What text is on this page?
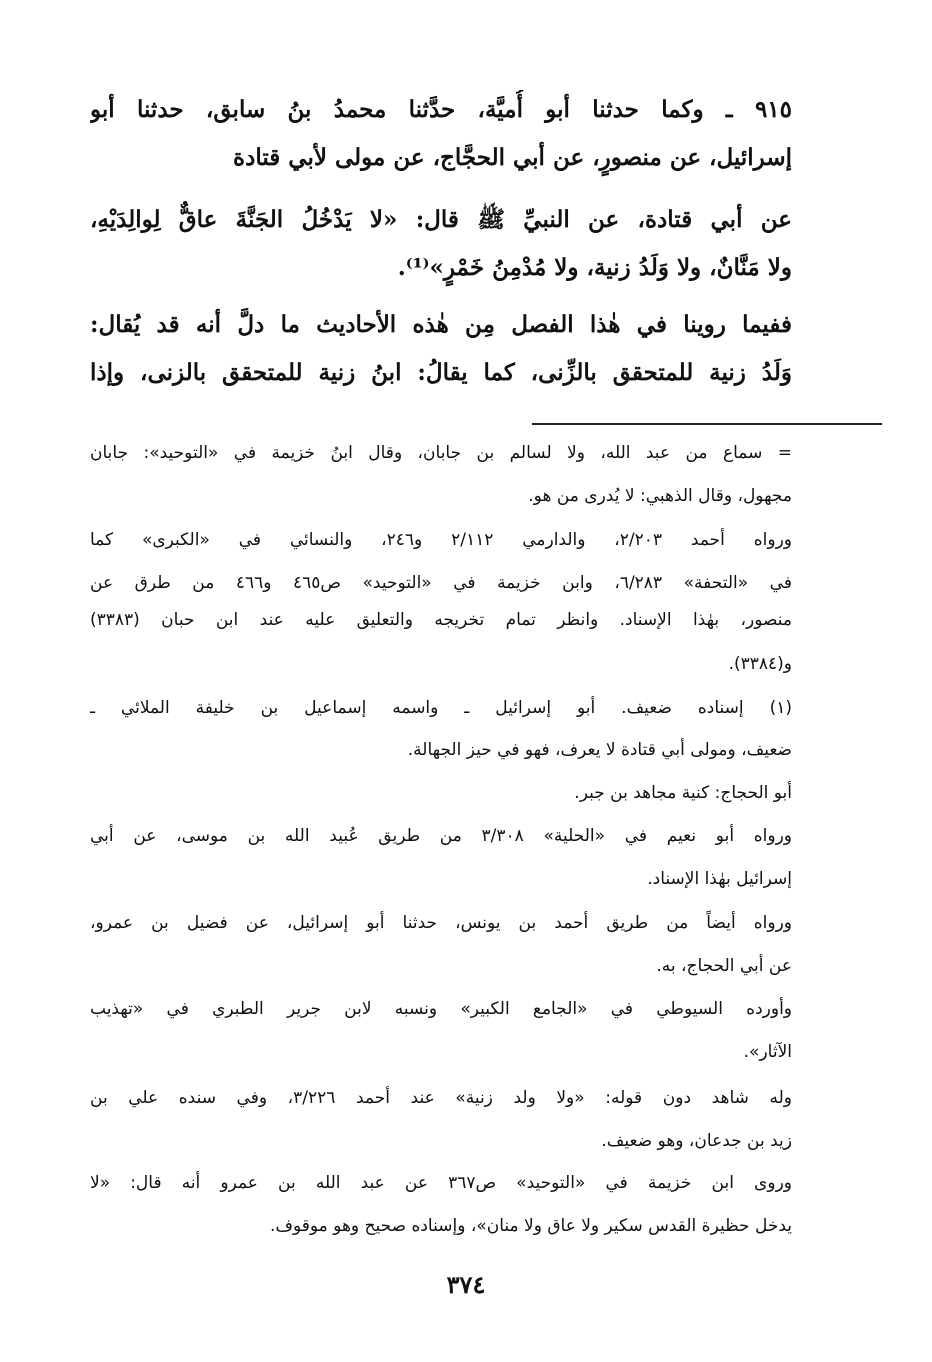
٩١٥ ـ وكما حدثنا أبو أُميَّة، حدَّثنا محمدُ بنُ سابق، حدثنا أبو
إسرائيل، عن منصورٍ، عن أبي الحجَّاج، عن مولى لأبي قتادة
عن أبي قتادة، عن النبيِّ ﷺ قال: «لا يَدْخُلُ الجَنَّةَ عاقٌّ لِوالِدَيْهِ،
ولا مَنَّانٌ، ولا وَلَدُ زنية، ولا مُدْمِنُ خَمْرٍ»⁽¹⁾.
ففيما روينا في هٰذا الفصل مِن هٰذه الأحاديث ما دلَّ أنه قد يُقال:
وَلَدُ زنية للمتحقق بالزِّنى، كما يقالُ: ابنُ زنية للمتحقق بالزنى، وإذا
= سماع من عبد الله، ولا لسالم بن جابان، وقال ابنُ خزيمة في «التوحيد»: جابان
مجهول، وقال الذهبي: لا يُدرى من هو.
ورواه أحمد ٢/٢٠٣، والدارمي ٢/١١٢ و٢٤٦، والنسائي في «الكبرى» كما
في «التحفة» ٦/٢٨٣، وابن خزيمة في «التوحيد» ص٤٦٥ و٤٦٦ من طرق عن
منصور، بهٰذا الإسناد. وانظر تمام تخريجه والتعليق عليه عند ابن حبان (٣٣٨٣)
و(٣٣٨٤).
(١) إسناده ضعيف. أبو إسرائيل ـ واسمه إسماعيل بن خليفة الملائي ـ
ضعيف، ومولى أبي قتادة لا يعرف، فهو في حيز الجهالة.
أبو الحجاج: كنية مجاهد بن جبر.
ورواه أبو نعيم في «الحلية» ٣/٣٠٨ من طريق عُبيد الله بن موسى، عن أبي
إسرائيل بهٰذا الإسناد.
ورواه أيضاً من طريق أحمد بن يونس، حدثنا أبو إسرائيل، عن فضيل بن عمرو،
عن أبي الحجاج، به.
وأورده السيوطي في «الجامع الكبير» ونسبه لابن جرير الطبري في «تهذيب
الآثار».
وله شاهد دون قوله: «ولا ولد زنية» عند أحمد ٣/٢٢٦، وفي سنده علي بن
زيد بن جدعان، وهو ضعيف.
وروى ابن خزيمة في «التوحيد» ص٣٦٧ عن عبد الله بن عمرو أنه قال: «لا
يدخل حظيرة القدس سكير ولا عاق ولا منان»، وإسناده صحيح وهو موقوف.
٣٧٤
